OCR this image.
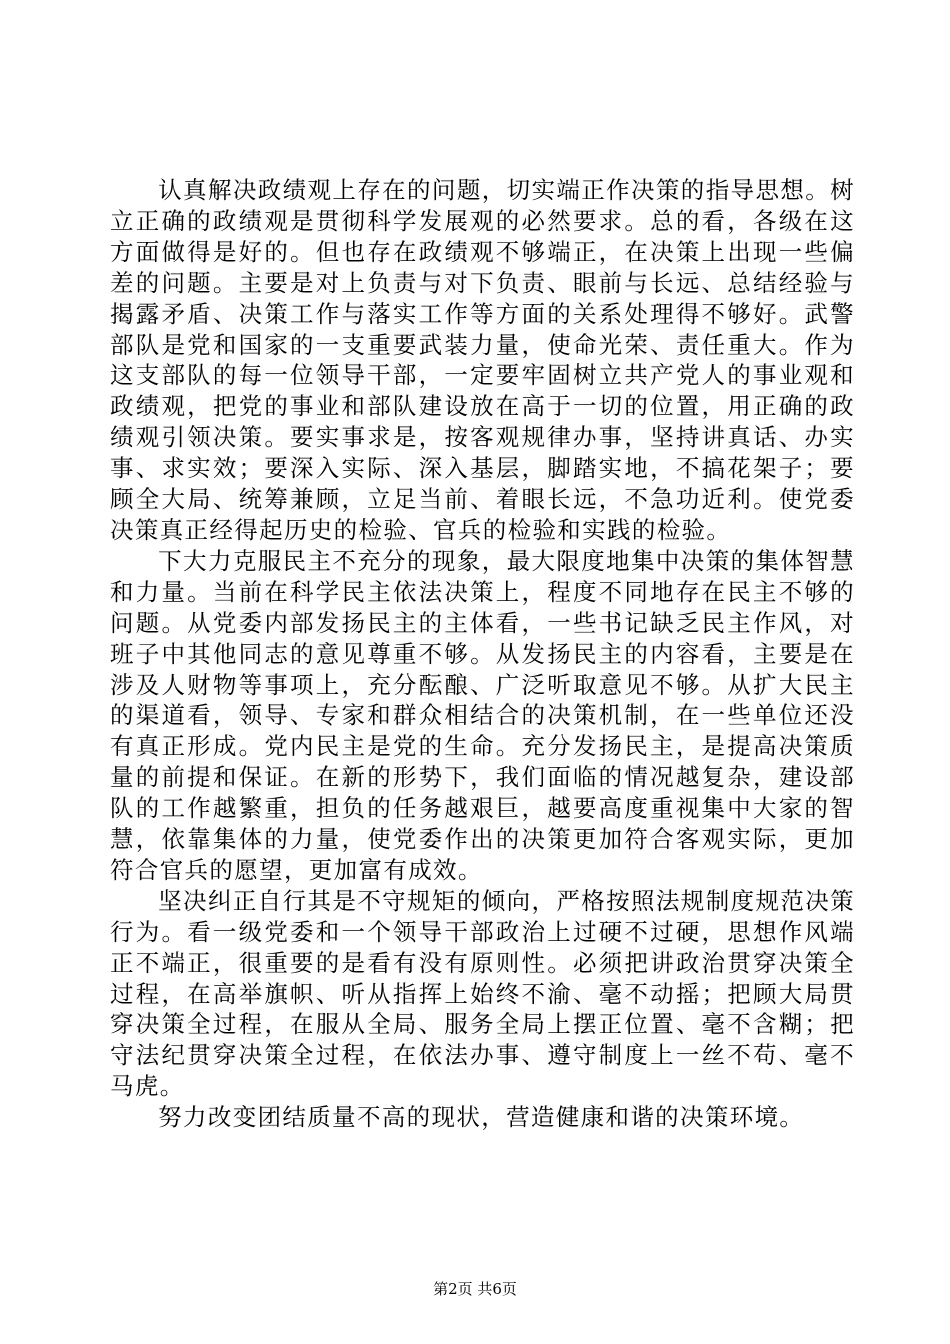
认真解决政绩观上存在的问题，切实端正作决策的指导思想。树立正确的政绩观是贯彻科学发展观的必然要求。总的看，各级在这方面做得是好的。但也存在政绩观不够端正，在决策上出现一些偏差的问题。主要是对上负责与对下负责、眼前与长远、总结经验与揭露矛盾、决策工作与落实工作等方面的关系处理得不够好。武警部队是党和国家的一支重要武装力量，使命光荣、责任重大。作为这支部队的每一位领导干部，一定要牢固树立共产党人的事业观和政绩观，把党的事业和部队建设放在高于一切的位置，用正确的政绩观引领决策。要实事求是，按客观规律办事，坚持讲真话、办实事、求实效；要深入实际、深入基层，脚踏实地，不搞花架子；要顾全大局、统筹兼顾，立足当前、着眼长远，不急功近利。使党委决策真正经得起历史的检验、官兵的检验和实践的检验。

下大力克服民主不充分的现象，最大限度地集中决策的集体智慧和力量。当前在科学民主依法决策上，程度不同地存在民主不够的问题。从党委内部发扬民主的主体看，一些书记缺乏民主作风，对班子中其他同志的意见尊重不够。从发扬民主的内容看，主要是在涉及人财物等事项上，充分酝酿、广泛听取意见不够。从扩大民主的渠道看，领导、专家和群众相结合的决策机制，在一些单位还没有真正形成。党内民主是党的生命。充分发扬民主，是提高决策质量的前提和保证。在新的形势下，我们面临的情况越复杂，建设部队的工作越繁重，担负的任务越艰巨，越要高度重视集中大家的智慧，依靠集体的力量，使党委作出的决策更加符合客观实际，更加符合官兵的愿望，更加富有成效。

坚决纠正自行其是不守规矩的倾向，严格按照法规制度规范决策行为。看一级党委和一个领导干部政治上过硬不过硬，思想作风端正不端正，很重要的是看有没有原则性。必须把讲政治贯穿决策全过程，在高举旗帜、听从指挥上始终不渝、毫不动摇；把顾大局贯穿决策全过程，在服从全局、服务全局上摆正位置、毫不含糊；把守法纪贯穿决策全过程，在依法办事、遵守制度上一丝不苟、毫不马虎。

努力改变团结质量不高的现状，营造健康和谐的决策环境。

第2页 共6页
